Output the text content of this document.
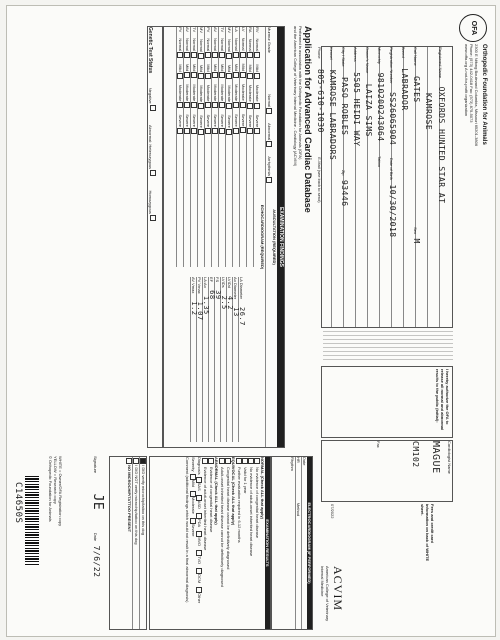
OFA
Orthopedic Foundation for Animals
2300 E Nifong Boulevard Columbia, Missouri 65201-3806
Phone: (573) 442-0418 Fax: (573) 875-5073
www.offa.org A not-for-profit organization
C14650S
Registered Name OXFORDS HUNTED STAR AT
KAMROSE
Call Name GATES Sex M
Breed LABRADOR
Registration Number SS26065904 Date of Birth 10/30/2018
Microchip 9810200243064 Tattoo
Owner's Name LAIZA SIMS
Address 5505 HEIDI WAY
City / State PASO ROBLES Zip 93446
Kennel KAMROSE LABRADORS
Phone 805-610-1030 E-Mail (see back to send)
I hereby authorize the OFA to release all normal and abnormal results to the public (initial):
Cardiologist Name
MAGUE
CM102
Fax
Fees and credit card information on back of WHITE sheet.
07/2022
Application for Advanced Cardiac Database
Performed in association with the Orthopedic Foundation for Animals (OFA)
and the American College of Veterinary Internal Medicine - Cardiology (ACVIM)
EXAMINATION FINDINGS
AUSCULTATION (REQUIRED)
Murmur Grade Normal Abnormal Arrhythmia
ECHOCARDIOGRAM (REQUIRED)
RVNormalMildModerateSevere
RANormalMildModerateSevere
LVNormalMildModerateSevere
LANormalMildModerateSevere
MVNormalMildModerateSevere
TVNormalMildModerateSevere
AVNormalMildModerateSevere
PVNormalMildModerateSevere
MVNormalMildModerateSevere
TVNormalMildModerateSevere
AVNormalMildModerateSevere
PVNormalMildModerateSevere
LA Diameter26.7
Ao Diameter13
LVIDd4.2
LVIDs2.5
FS39
EF68
LA:Ao1.35
PV Vmax1.07
AV Vmax1.2
Genetic Test Status Negative Abnormal: Heterozygous Homozygous
ELECTROCARDIOGRAM (IF PERFORMED)
Date
HRMethod
Rhythm
EXAMINATION RESULTS
NORMAL (Check ALL that apply)
No evidence of congenital heart disease
No evidence of adult-onset inherited heart disease
Valid for 1 year
Further evaluation required in 6-12 months
EQUIVOCAL (Check ALL that apply)
Congenital heart disease cannot be definitively diagnosed
Adult-onset inherited heart disease cannot be definitively diagnosed
ABNORMAL (Check ALL that apply)
Evidence of congenital heart disease
Evidence of adult-onset inherited heart disease
Diagnosis SASASDPDAMVDTVDDCMOther
Severity MildModerateSevere
Comment (additional findings which would not result in a final abnormal diagnosis)	ACVIM
American College of Veterinary Internal Medicine
I DID verify microchip/tattoo on this dog
I DID NOT verify microchip/tattoo on this dog
NO MICROCHIP/TATTOO PRESENT
Signature JE Date 7/6/22
WHITE = Owner/OFA Registration copy
YELLOW = Research copy
© Orthopedic Foundation for Animals
